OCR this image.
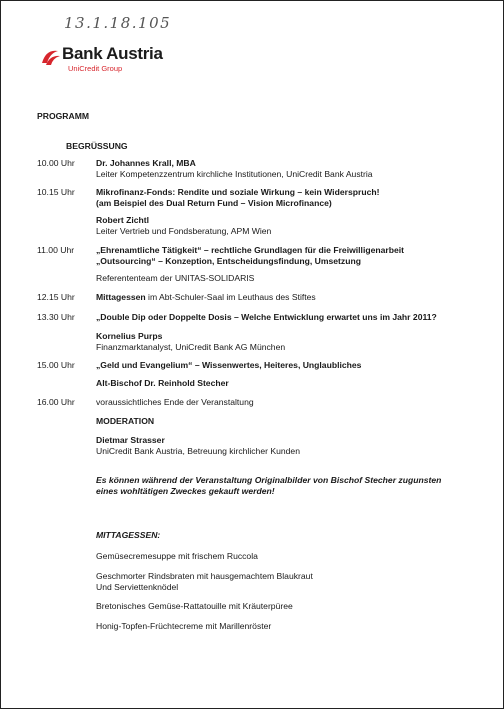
13.1.18.105
Bank Austria
UniCredit Group
PROGRAMM
BEGRÜSSUNG
10.00 Uhr Dr. Johannes Krall, MBA
Leiter Kompetenzzentrum kirchliche Institutionen, UniCredit Bank Austria
10.15 Uhr Mikrofinanz-Fonds: Rendite und soziale Wirkung – kein Widerspruch!
(am Beispiel des Dual Return Fund – Vision Microfinance)
Robert Zichtl
Leiter Vertrieb und Fondsberatung, APM Wien
11.00 Uhr	„Ehrenamtliche Tätigkeit“ – rechtliche Grundlagen für die Freiwilligenarbeit
„Outsourcing“ – Konzeption, Entscheidungsfindung, Umsetzung
Referententeam der UNITAS-SOLIDARIS
12.15 Uhr Mittagessen im Abt-Schuler-Saal im Leuthaus des Stiftes
13.30 Uhr „Double Dip oder Doppelte Dosis – Welche Entwicklung erwartet uns im Jahr 2011?
Kornelius Purps
Finanzmarktanalyst, UniCredit Bank AG München
15.00 Uhr „Geld und Evangelium“ – Wissenwertes, Heiteres, Unglaubliches
Alt-Bischof Dr. Reinhold Stecher
16.00 Uhr voraussichtliches Ende der Veranstaltung
MODERATION
Dietmar Strasser
UniCredit Bank Austria, Betreuung kirchlicher Kunden
Es können während der Veranstaltung Originalbilder von Bischof Stecher zugunsten
eines wohltätigen Zweckes gekauft werden!
MITTAGESSEN:
Gemüsecremesuppe mit frischem Ruccola
Geschmorter Rindsbraten mit hausgemachtem Blaukraut
Und Serviettenknödel
Bretonisches Gemüse-Rattatouille mit Kräuterpüree
Honig-Topfen-Früchtecreme mit Marillenröster
